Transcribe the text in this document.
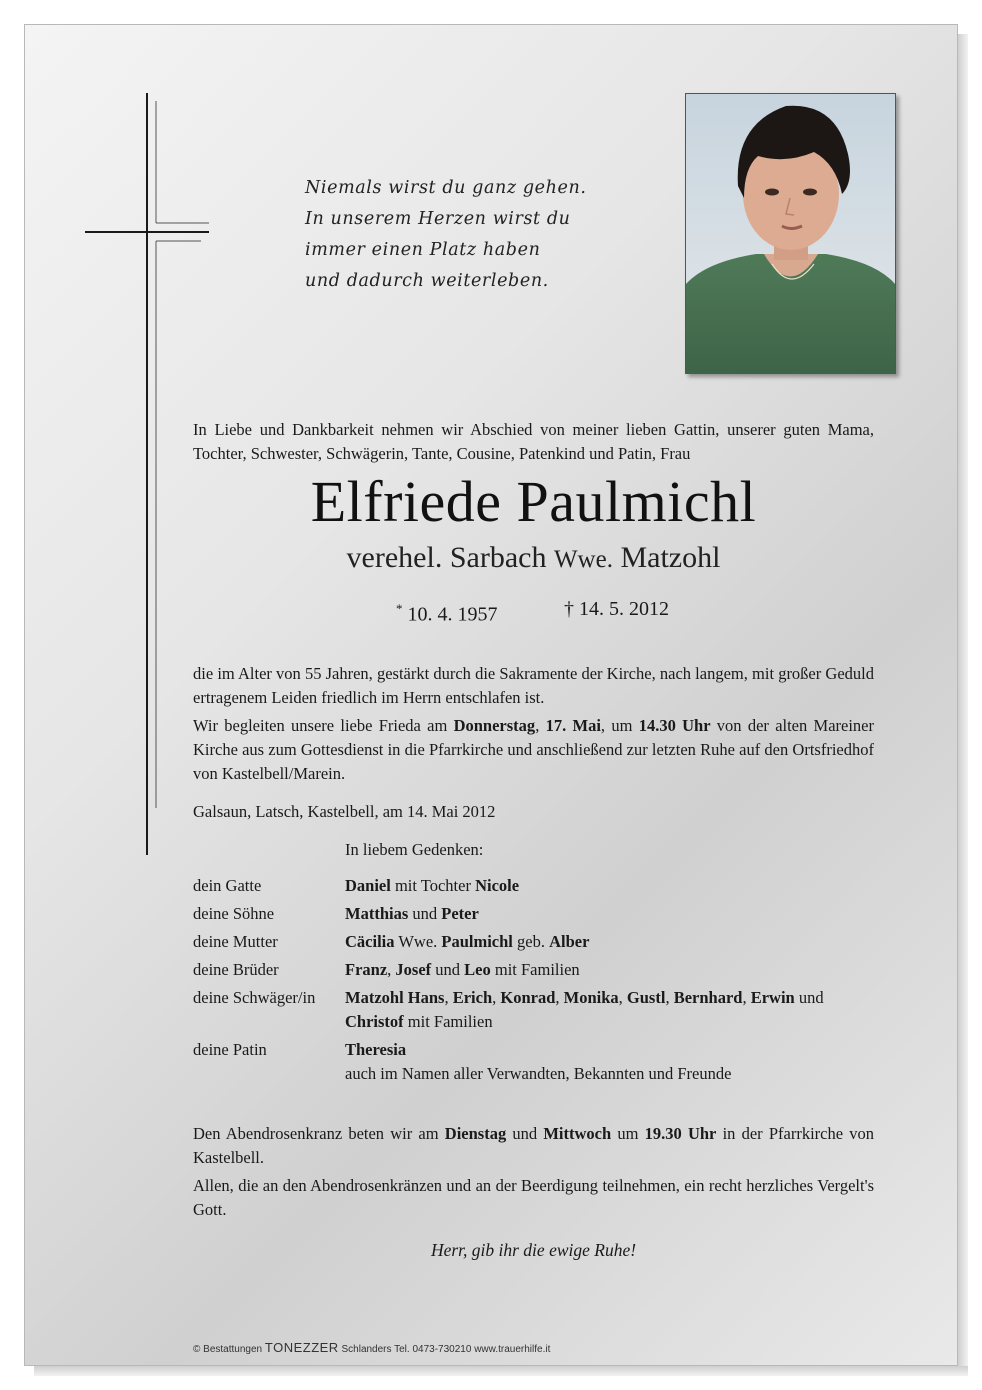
Niemals wirst du ganz gehen.
In unserem Herzen wirst du
immer einen Platz haben
und dadurch weiterleben.
In Liebe und Dankbarkeit nehmen wir Abschied von meiner lieben Gattin, unserer guten Mama, Tochter, Schwester, Schwägerin, Tante, Cousine, Patenkind und Patin, Frau
Elfriede Paulmichl
verehel. Sarbach Wwe. Matzohl
* 10. 4. 1957	† 14. 5. 2012
die im Alter von 55 Jahren, gestärkt durch die Sakramente der Kirche, nach langem, mit großer Geduld ertragenem Leiden friedlich im Herrn entschlafen ist.
Wir begleiten unsere liebe Frieda am Donnerstag, 17. Mai, um 14.30 Uhr von der alten Mareiner Kirche aus zum Gottesdienst in die Pfarrkirche und anschließend zur letzten Ruhe auf den Ortsfriedhof von Kastelbell/Marein.
Galsaun, Latsch, Kastelbell, am 14. Mai 2012
In liebem Gedenken:
dein Gatte	Daniel mit Tochter Nicole
deine Söhne	Matthias und Peter
deine Mutter	Cäcilia Wwe. Paulmichl geb. Alber
deine Brüder	Franz, Josef und Leo mit Familien
deine Schwäger/in	Matzohl Hans, Erich, Konrad, Monika, Gustl, Bernhard, Erwin und
Christof mit Familien
deine Patin	Theresia
auch im Namen aller Verwandten, Bekannten und Freunde
Den Abendrosenkranz beten wir am Dienstag und Mittwoch um 19.30 Uhr in der Pfarrkirche von Kastelbell.
Allen, die an den Abendrosenkränzen und an der Beerdigung teilnehmen, ein recht herzliches Vergelt's Gott.
Herr, gib ihr die ewige Ruhe!
© Bestattungen TONEZZER Schlanders Tel. 0473-730210 www.trauerhilfe.it
